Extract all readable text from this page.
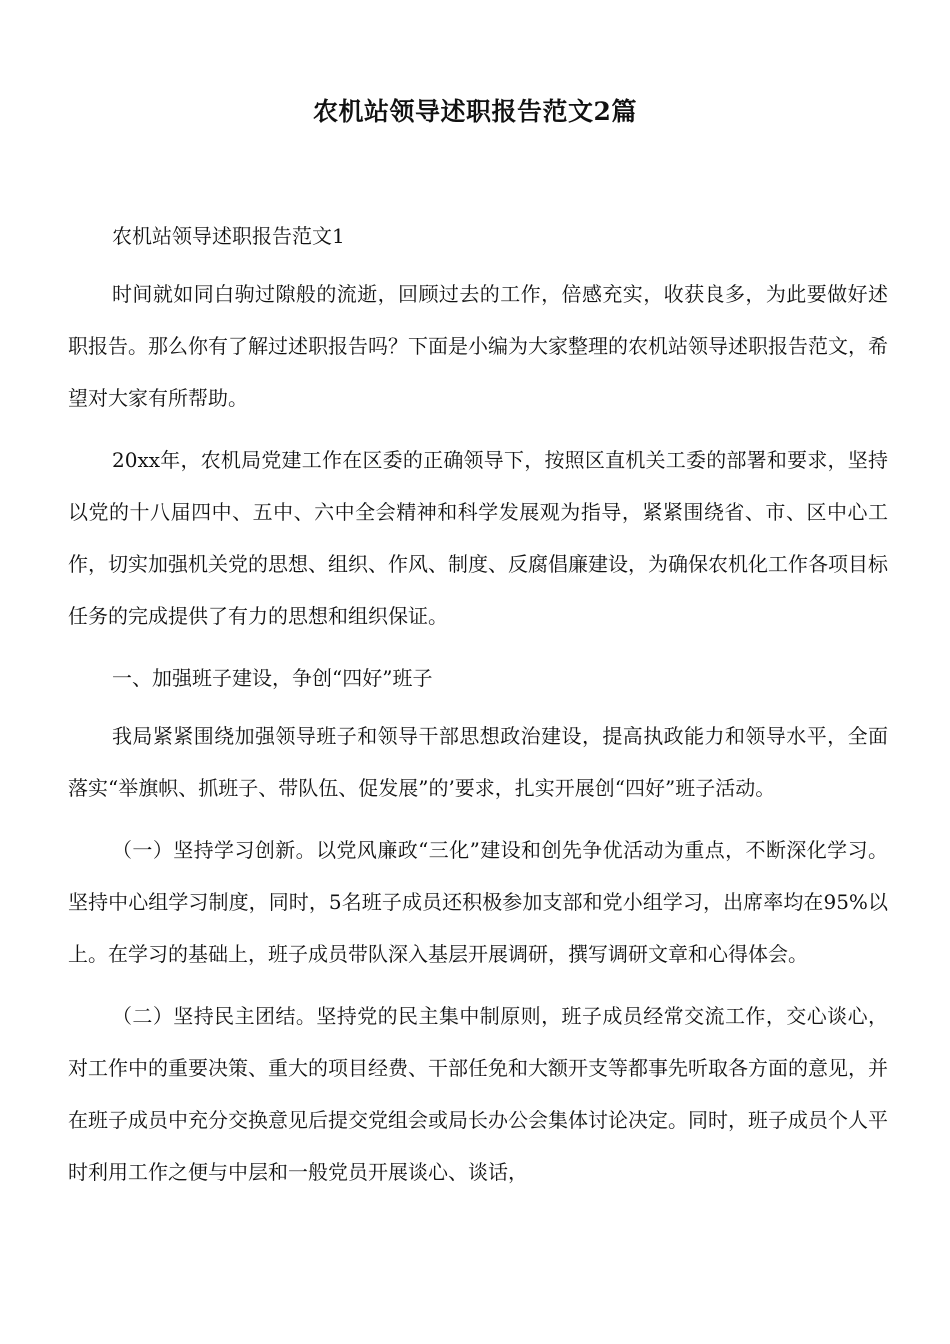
农机站领导述职报告范文2篇

农机站领导述职报告范文1

时间就如同白驹过隙般的流逝，回顾过去的工作，倍感充实，收获良多，为此要做好述职报告。那么你有了解过述职报告吗？下面是小编为大家整理的农机站领导述职报告范文，希望对大家有所帮助。

20xx年，农机局党建工作在区委的正确领导下，按照区直机关工委的部署和要求，坚持以党的十八届四中、五中、六中全会精神和科学发展观为指导，紧紧围绕省、市、区中心工作，切实加强机关党的思想、组织、作风、制度、反腐倡廉建设，为确保农机化工作各项目标任务的完成提供了有力的思想和组织保证。

一、加强班子建设，争创“四好”班子

我局紧紧围绕加强领导班子和领导干部思想政治建设，提高执政能力和领导水平，全面落实“举旗帜、抓班子、带队伍、促发展”的’要求，扎实开展创“四好”班子活动。

（一）坚持学习创新。以党风廉政“三化”建设和创先争优活动为重点，不断深化学习。坚持中心组学习制度，同时，5名班子成员还积极参加支部和党小组学习，出席率均在95%以上。在学习的基础上，班子成员带队深入基层开展调研，撰写调研文章和心得体会。

（二）坚持民主团结。坚持党的民主集中制原则，班子成员经常交流工作，交心谈心，对工作中的重要决策、重大的项目经费、干部任免和大额开支等都事先听取各方面的意见，并在班子成员中充分交换意见后提交党组会或局长办公会集体讨论决定。同时，班子成员个人平时利用工作之便与中层和一般党员开展谈心、谈话，
